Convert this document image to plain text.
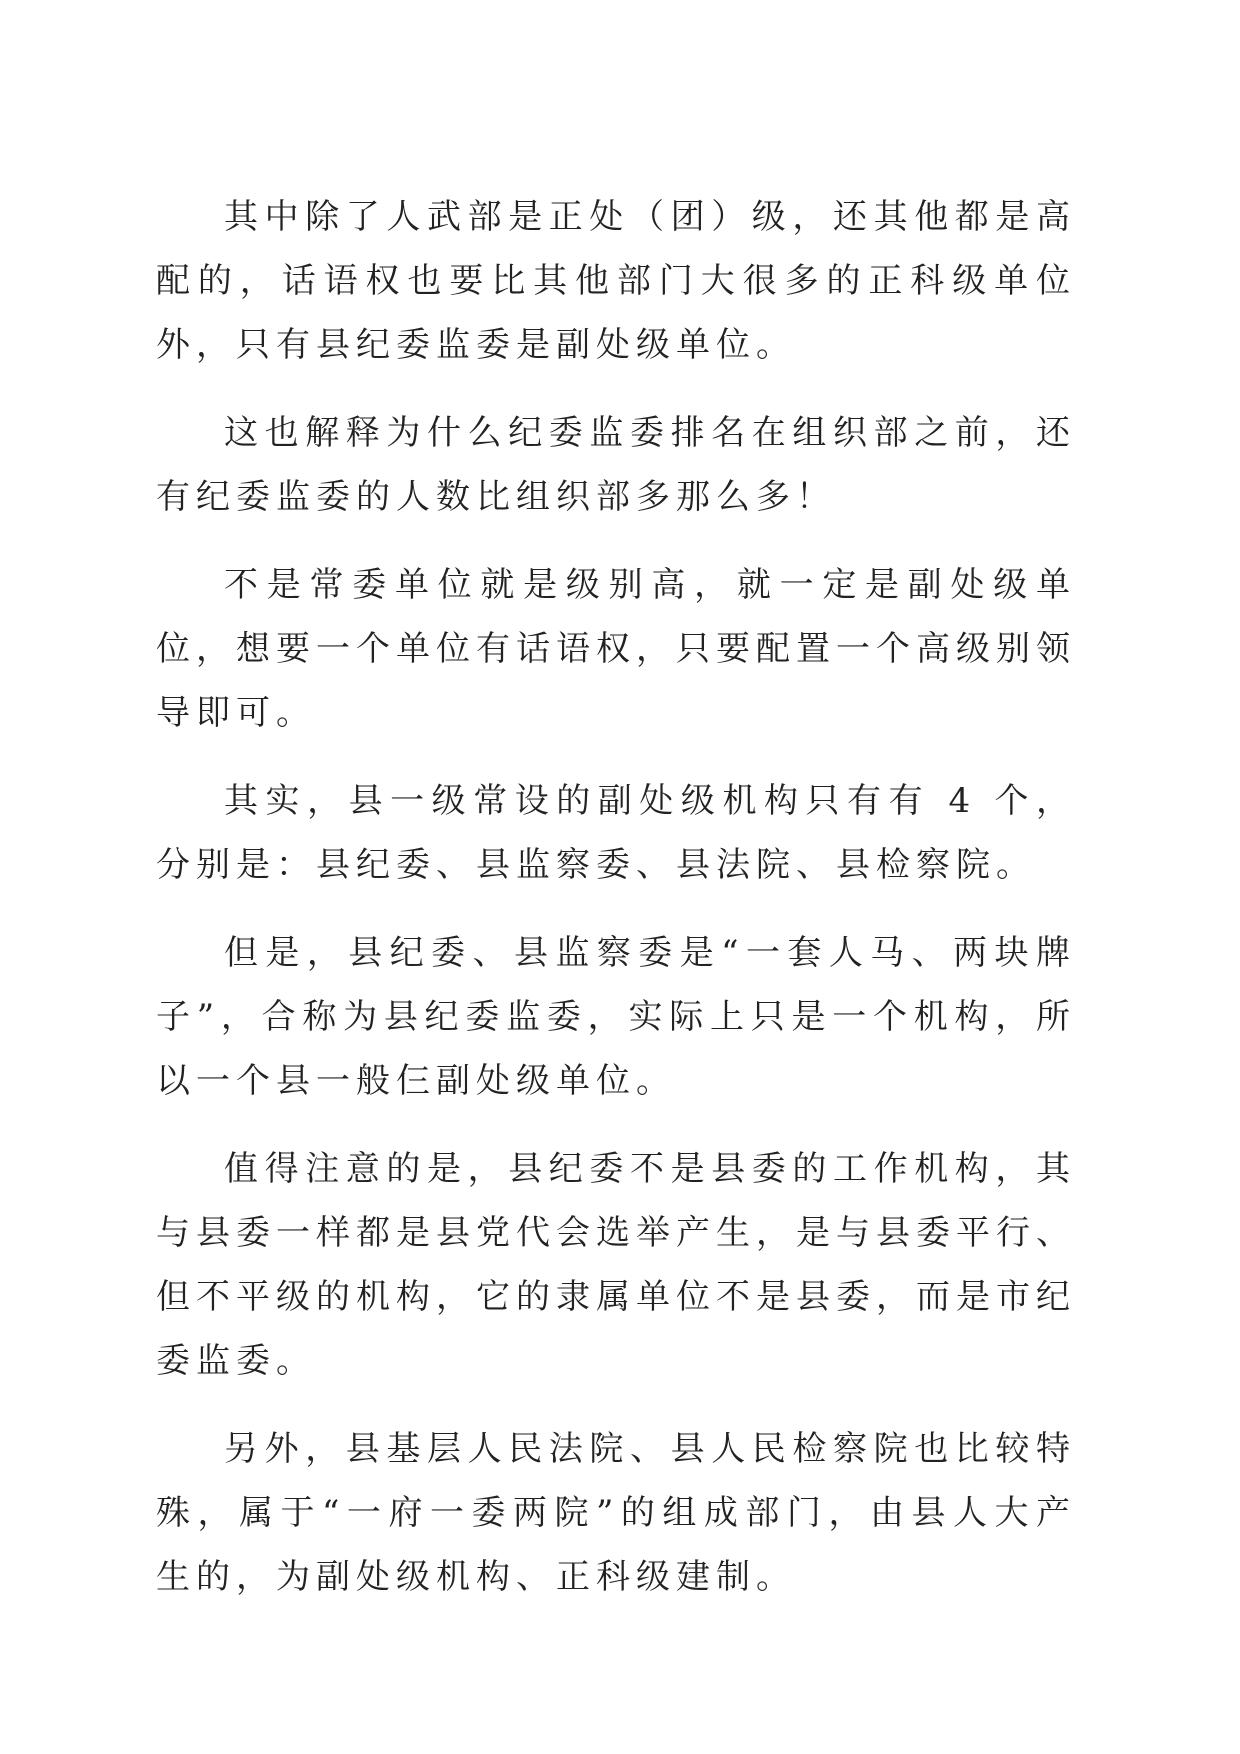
其中除了人武部是正处（团）级，还其他都是高配的，话语权也要比其他部门大很多的正科级单位外，只有县纪委监委是副处级单位。

这也解释为什么纪委监委排名在组织部之前，还有纪委监委的人数比组织部多那么多！

不是常委单位就是级别高，就一定是副处级单位，想要一个单位有话语权，只要配置一个高级别领导即可。

其实，县一级常设的副处级机构只有有 4 个，分别是：县纪委、县监察委、县法院、县检察院。

但是，县纪委、县监察委是“一套人马、两块牌子”，合称为县纪委监委，实际上只是一个机构，所以一个县一般仨副处级单位。

值得注意的是，县纪委不是县委的工作机构，其与县委一样都是县党代会选举产生，是与县委平行、但不平级的机构，它的隶属单位不是县委，而是市纪委监委。

另外，县基层人民法院、县人民检察院也比较特殊，属于“一府一委两院”的组成部门，由县人大产生的，为副处级机构、正科级建制。
